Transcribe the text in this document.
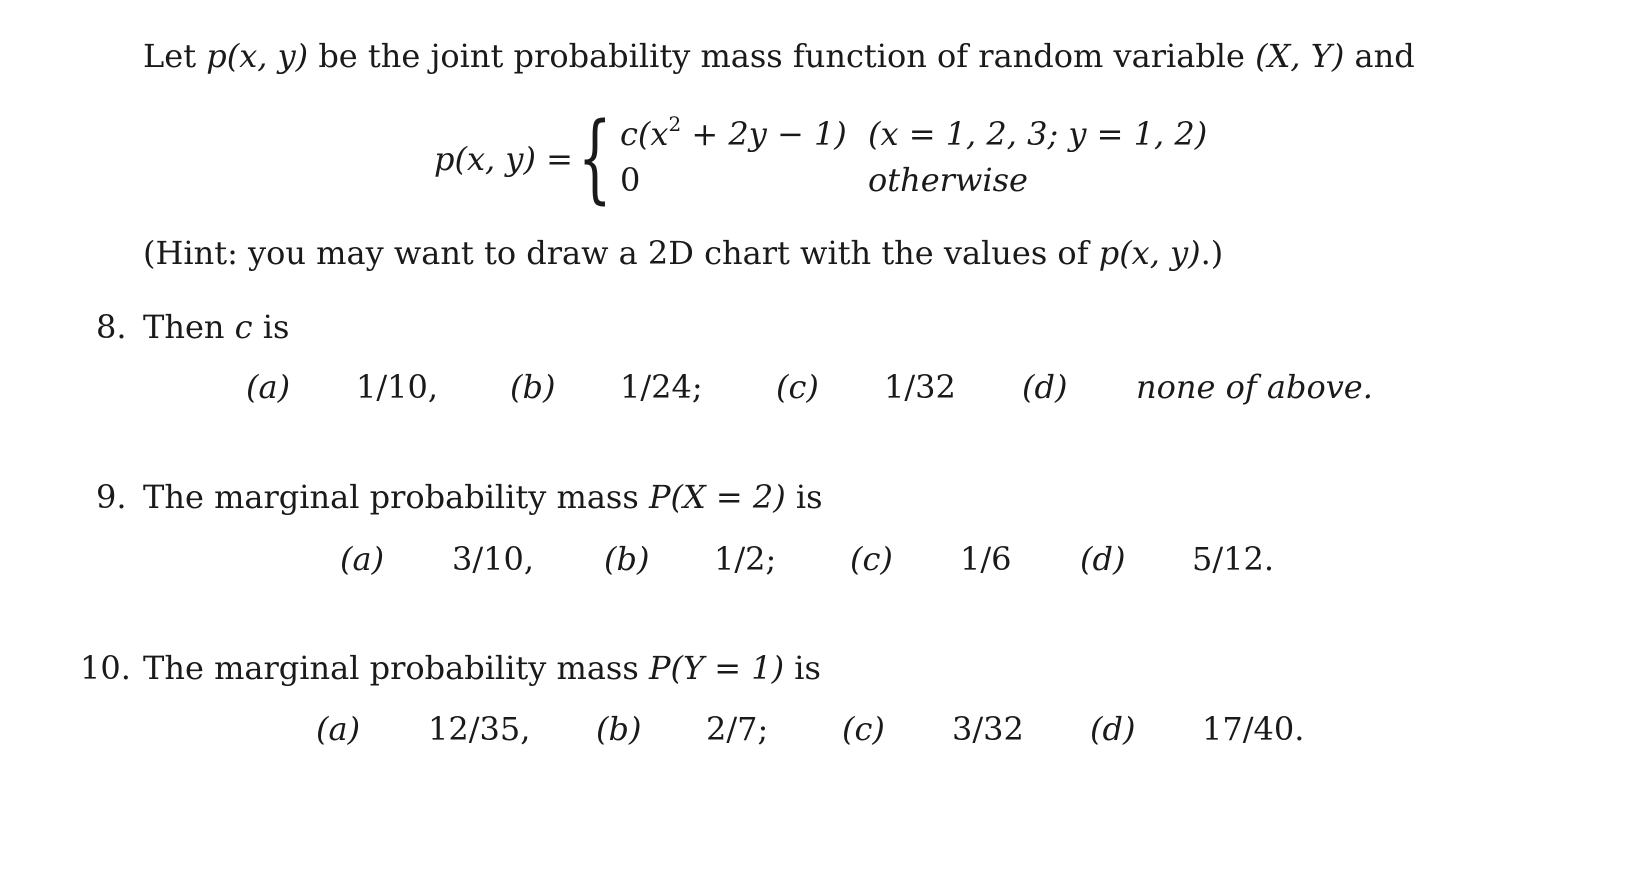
Let p(x, y) be the joint probability mass function of random variable (X, Y) and
p(x, y) = { $c(x^2 + 2y - 1) (x = 1$, 2, 3; y = 1, 2)
0	otherwise
(Hint: you may want to draw a 2D chart with the values of p(x, y).)
8. Then c is
(a) 1/10, (b) 1/24; (c) 1/32 (d) none of above.
9. The marginal probability mass P(X = 2) is
(a) 3/10, (b) 1/2; (c) 1/6 (d) 5/12.
10. The marginal probability mass P(Y = 1) is
(a) 12/35, (b) 2/7; (c) 3/32 (d) 17/40.
